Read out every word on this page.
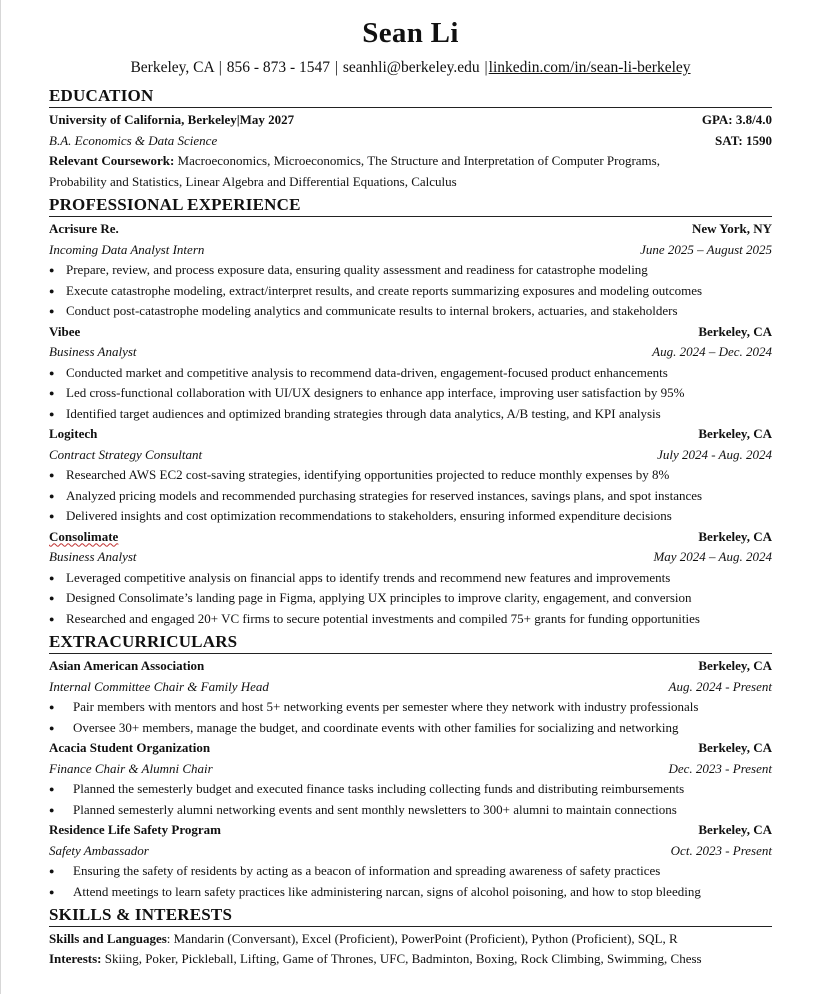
Sean Li
Berkeley, CA | 856 - 873 - 1547 | seanhli@berkeley.edu |linkedin.com/in/sean-li-berkeley
EDUCATION
University of California, Berkeley|May 2027	GPA: 3.8/4.0
B.A. Economics & Data Science	SAT: 1590
Relevant Coursework: Macroeconomics, Microeconomics, The Structure and Interpretation of Computer Programs,
Probability and Statistics, Linear Algebra and Differential Equations, Calculus
PROFESSIONAL EXPERIENCE
Acrisure Re.	New York, NY
Incoming Data Analyst Intern	June 2025 – August 2025
● Prepare, review, and process exposure data, ensuring quality assessment and readiness for catastrophe modeling
● Execute catastrophe modeling, extract/interpret results, and create reports summarizing exposures and modeling outcomes
● Conduct post-catastrophe modeling analytics and communicate results to internal brokers, actuaries, and stakeholders
Vibee	Berkeley, CA
Business Analyst	Aug. 2024 – Dec. 2024
● Conducted market and competitive analysis to recommend data-driven, engagement-focused product enhancements
● Led cross-functional collaboration with UI/UX designers to enhance app interface, improving user satisfaction by 95%
● Identified target audiences and optimized branding strategies through data analytics, A/B testing, and KPI analysis
Logitech	Berkeley, CA
Contract Strategy Consultant	July 2024 - Aug. 2024
● Researched AWS EC2 cost-saving strategies, identifying opportunities projected to reduce monthly expenses by 8%
● Analyzed pricing models and recommended purchasing strategies for reserved instances, savings plans, and spot instances
● Delivered insights and cost optimization recommendations to stakeholders, ensuring informed expenditure decisions
Consolimate	Berkeley, CA
Business Analyst	May 2024 – Aug. 2024
● Leveraged competitive analysis on financial apps to identify trends and recommend new features and improvements
● Designed Consolimate’s landing page in Figma, applying UX principles to improve clarity, engagement, and conversion
● Researched and engaged 20+ VC firms to secure potential investments and compiled 75+ grants for funding opportunities
EXTRACURRICULARS
Asian American Association	Berkeley, CA
Internal Committee Chair & Family Head	Aug. 2024 - Present
● Pair members with mentors and host 5+ networking events per semester where they network with industry professionals
● Oversee 30+ members, manage the budget, and coordinate events with other families for socializing and networking
Acacia Student Organization	Berkeley, CA
Finance Chair & Alumni Chair	Dec. 2023 - Present
● Planned the semesterly budget and executed finance tasks including collecting funds and distributing reimbursements
● Planned semesterly alumni networking events and sent monthly newsletters to 300+ alumni to maintain connections
Residence Life Safety Program	Berkeley, CA
Safety Ambassador	Oct. 2023 - Present
● Ensuring the safety of residents by acting as a beacon of information and spreading awareness of safety practices
● Attend meetings to learn safety practices like administering narcan, signs of alcohol poisoning, and how to stop bleeding
SKILLS & INTERESTS
Skills and Languages: Mandarin (Conversant), Excel (Proficient), PowerPoint (Proficient), Python (Proficient), SQL, R
Interests: Skiing, Poker, Pickleball, Lifting, Game of Thrones, UFC, Badminton, Boxing, Rock Climbing, Swimming, Chess
